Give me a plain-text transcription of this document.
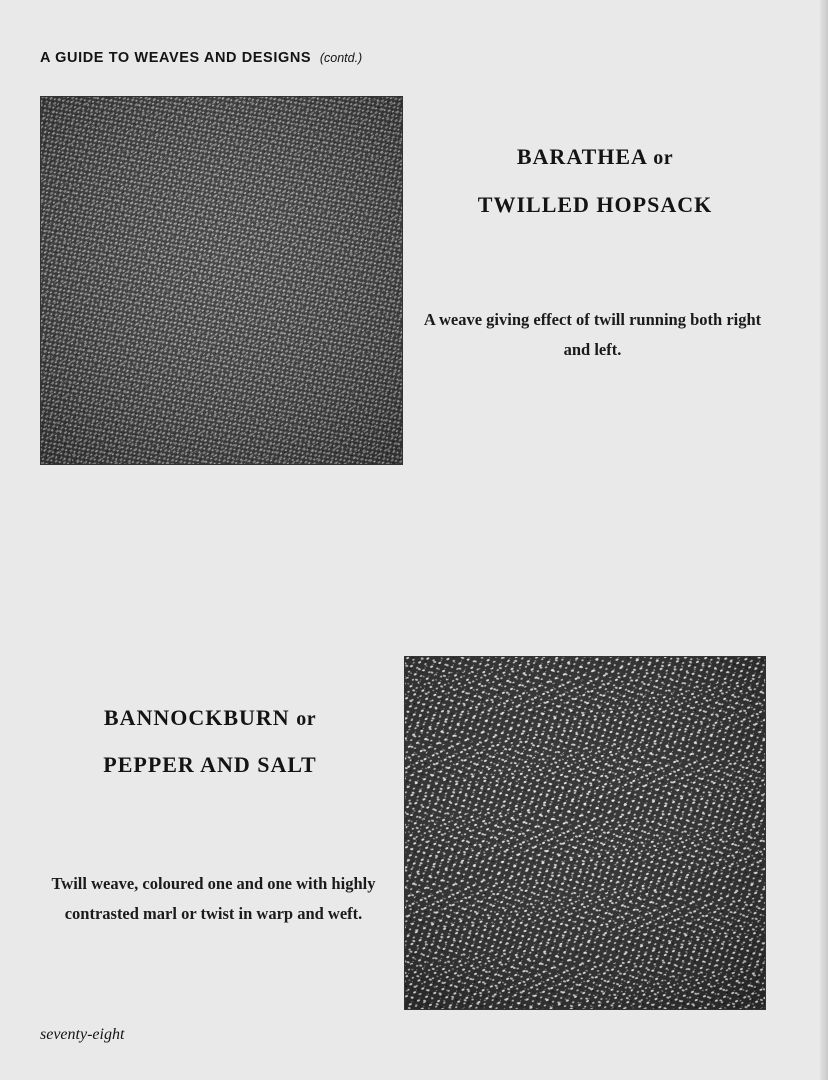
A GUIDE TO WEAVES AND DESIGNS (contd.)
BARATHEA or
TWILLED HOPSACK
A weave giving effect of twill running both right and left.
BANNOCKBURN or
PEPPER AND SALT
Twill weave, coloured one and one with highly contrasted marl or twist in warp and weft.
seventy-eight
